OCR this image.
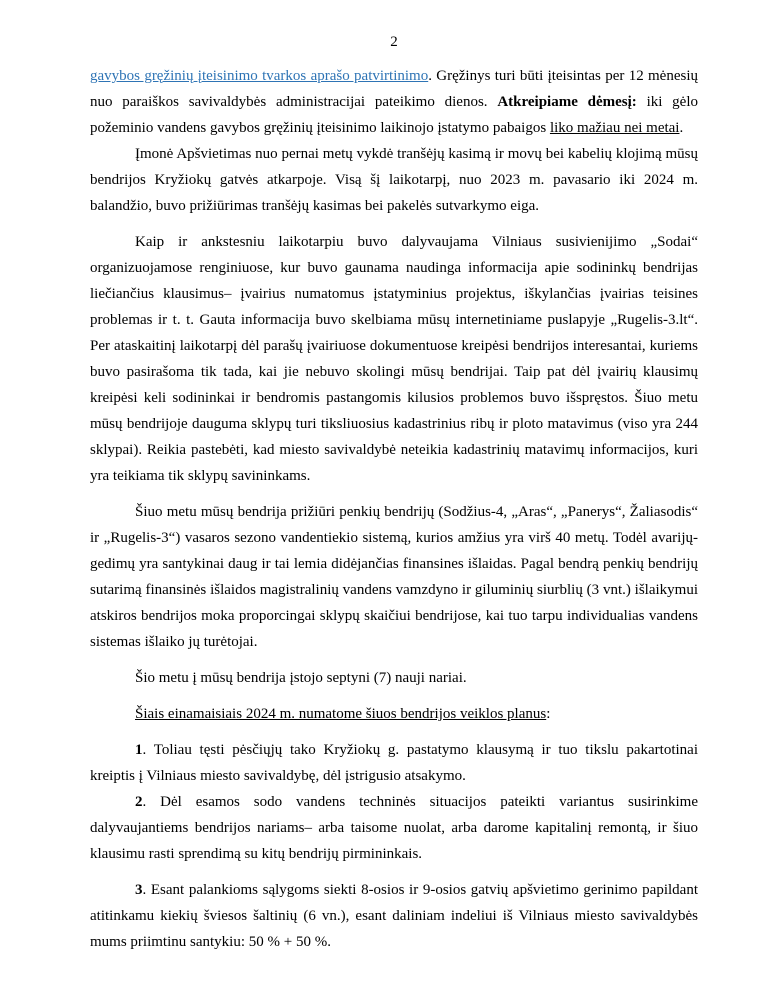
2

gavybos gręžinių įteisinimo tvarkos aprašo patvirtinimo. Gręžinys turi būti įteisintas per 12 mėnesių nuo paraiškos savivaldybės administracijai pateikimo dienos. Atkreipiame dėmesį: iki gėlo požeminio vandens gavybos gręžinių įteisinimo laikinojo įstatymo pabaigos liko mažiau nei metai.

Įmonė Apšvietimas nuo pernai metų vykdė tranšėjų kasimą ir movų bei kabelių klojimą mūsų bendrijos Kryžiokų gatvės atkarpoje. Visą šį laikotarpį, nuo 2023 m. pavasario iki 2024 m. balandžio, buvo prižiūrimas tranšėjų kasimas bei pakelės sutvarkymo eiga.

Kaip ir ankstesniu laikotarpiu buvo dalyvaujama Vilniaus susivienijimo „Sodai“ organizuojamose renginiuose, kur buvo gaunama naudinga informacija apie sodininkų bendrijas liečiančius klausimus– įvairius numatomus įstatyminius projektus, iškylančias įvairias teisines problemas ir t. t. Gauta informacija buvo skelbiama mūsų internetiniame puslapyje „Rugelis-3.lt“. Per ataskaitinį laikotarpį dėl parašų įvairiuose dokumentuose kreipėsi bendrijos interesantai, kuriems buvo pasirašoma tik tada, kai jie nebuvo skolingi mūsų bendrijai. Taip pat dėl įvairių klausimų kreipėsi keli sodininkai ir bendromis pastangomis kilusios problemos buvo išspręstos. Šiuo metu mūsų bendrijoje dauguma sklypų turi tiksliuosius kadastrinius ribų ir ploto matavimus (viso yra 244 sklypai). Reikia pastebėti, kad miesto savivaldybė neteikia kadastrinių matavimų informacijos, kuri yra teikiama tik sklypų savininkams.

Šiuo metu mūsų bendrija prižiūri penkių bendrijų (Sodžius-4, „Aras“, „Panerys“, Žaliasodis“ ir „Rugelis-3“) vasaros sezono vandentiekio sistemą, kurios amžius yra virš 40 metų. Todėl avarijų-gedimų yra santykinai daug ir tai lemia didėjančias finansines išlaidas. Pagal bendrą penkių bendrijų sutarimą finansinės išlaidos magistralinių vandens vamzdyno ir giluminių siurblių (3 vnt.) išlaikymui atskiros bendrijos moka proporcingai sklypų skaičiui bendrijose, kai tuo tarpu individualias vandens sistemas išlaiko jų turėtojai.

Šio metu į mūsų bendrija įstojo septyni (7) nauji nariai.

Šiais einamaisiais 2024 m. numatome šiuos bendrijos veiklos planus:

1. Toliau tęsti pėsčiųjų tako Kryžiokų g. pastatymo klausymą ir tuo tikslu pakartotinai kreiptis į Vilniaus miesto savivaldybę, dėl įstrigusio atsakymo.

2. Dėl esamos sodo vandens techninės situacijos pateikti variantus susirinkime dalyvaujantiems bendrijos nariams– arba taisome nuolat, arba darome kapitalinį remontą, ir šiuo klausimu rasti sprendimą su kitų bendrijų pirmininkais.

3. Esant palankioms sąlygoms siekti 8-osios ir 9-osios gatvių apšvietimo gerinimo papildant atitinkamu kiekių šviesos šaltinių (6 vn.), esant daliniam indeliui iš Vilniaus miesto savivaldybės mums priimtinu santykiu: 50 % + 50 %.
